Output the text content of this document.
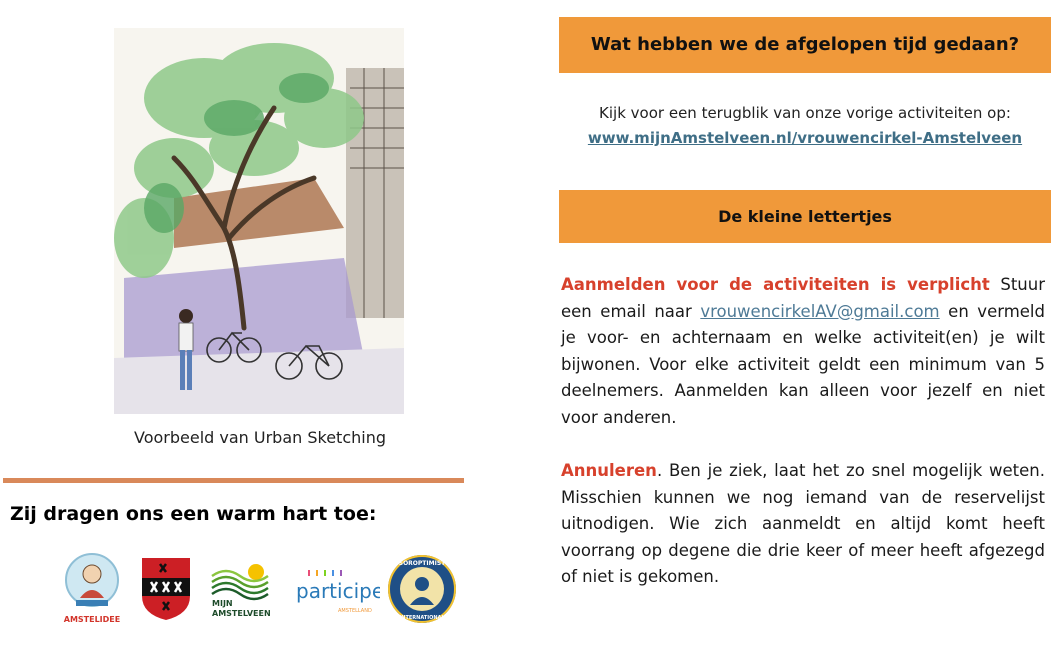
Voorbeeld van Urban Sketching
Zij dragen ons een warm hart toe:
AMSTELIDEE
MIJN
AMSTELVEEN
participe
AMSTELLAND
SOROPTIMIST
INTERNATIONAL
Wat hebben we de afgelopen tijd gedaan?
Kijk voor een terugblik van onze vorige activiteiten op:
www.mijnAmstelveen.nl/vrouwencirkel-Amstelveen
De kleine lettertjes
Aanmelden voor de activiteiten is verplicht Stuur een email naar vrouwencirkelAV@gmail.com en vermeld je voor- en achternaam en welke activiteit(en) je wilt bijwonen. Voor elke activiteit geldt een minimum van 5 deelnemers. Aanmelden kan alleen voor jezelf en niet voor anderen.
Annuleren. Ben je ziek, laat het zo snel mogelijk weten. Misschien kunnen we nog iemand van de reservelijst uitnodigen. Wie zich aanmeldt en altijd komt heeft voorrang op degene die drie keer of meer heeft afgezegd of niet is gekomen.
